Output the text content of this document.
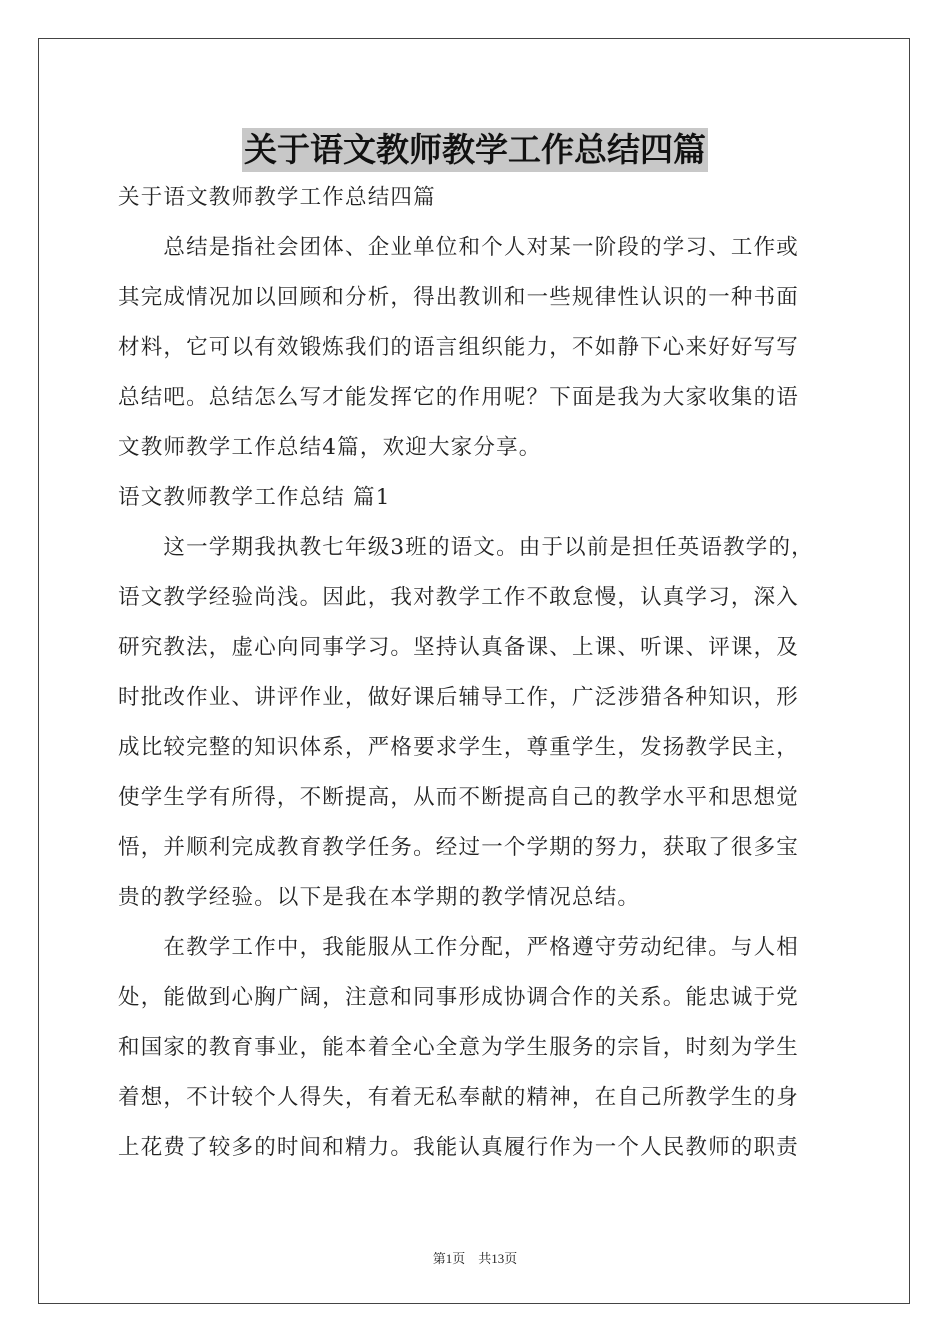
关于语文教师教学工作总结四篇
关于语文教师教学工作总结四篇
　　总结是指社会团体、企业单位和个人对某一阶段的学习、工作或
其完成情况加以回顾和分析，得出教训和一些规律性认识的一种书面
材料，它可以有效锻炼我们的语言组织能力，不如静下心来好好写写
总结吧。总结怎么写才能发挥它的作用呢？下面是我为大家收集的语
文教师教学工作总结4篇，欢迎大家分享。
语文教师教学工作总结 篇1
　　这一学期我执教七年级3班的语文。由于以前是担任英语教学的，
语文教学经验尚浅。因此，我对教学工作不敢怠慢，认真学习，深入
研究教法，虚心向同事学习。坚持认真备课、上课、听课、评课，及
时批改作业、讲评作业，做好课后辅导工作，广泛涉猎各种知识，形
成比较完整的知识体系，严格要求学生，尊重学生，发扬教学民主，
使学生学有所得，不断提高，从而不断提高自己的教学水平和思想觉
悟，并顺利完成教育教学任务。经过一个学期的努力，获取了很多宝
贵的教学经验。以下是我在本学期的教学情况总结。
　　在教学工作中，我能服从工作分配，严格遵守劳动纪律。与人相
处，能做到心胸广阔，注意和同事形成协调合作的关系。能忠诚于党
和国家的教育事业，能本着全心全意为学生服务的宗旨，时刻为学生
着想，不计较个人得失，有着无私奉献的精神，在自己所教学生的身
上花费了较多的时间和精力。我能认真履行作为一个人民教师的职责
第1页　共13页
